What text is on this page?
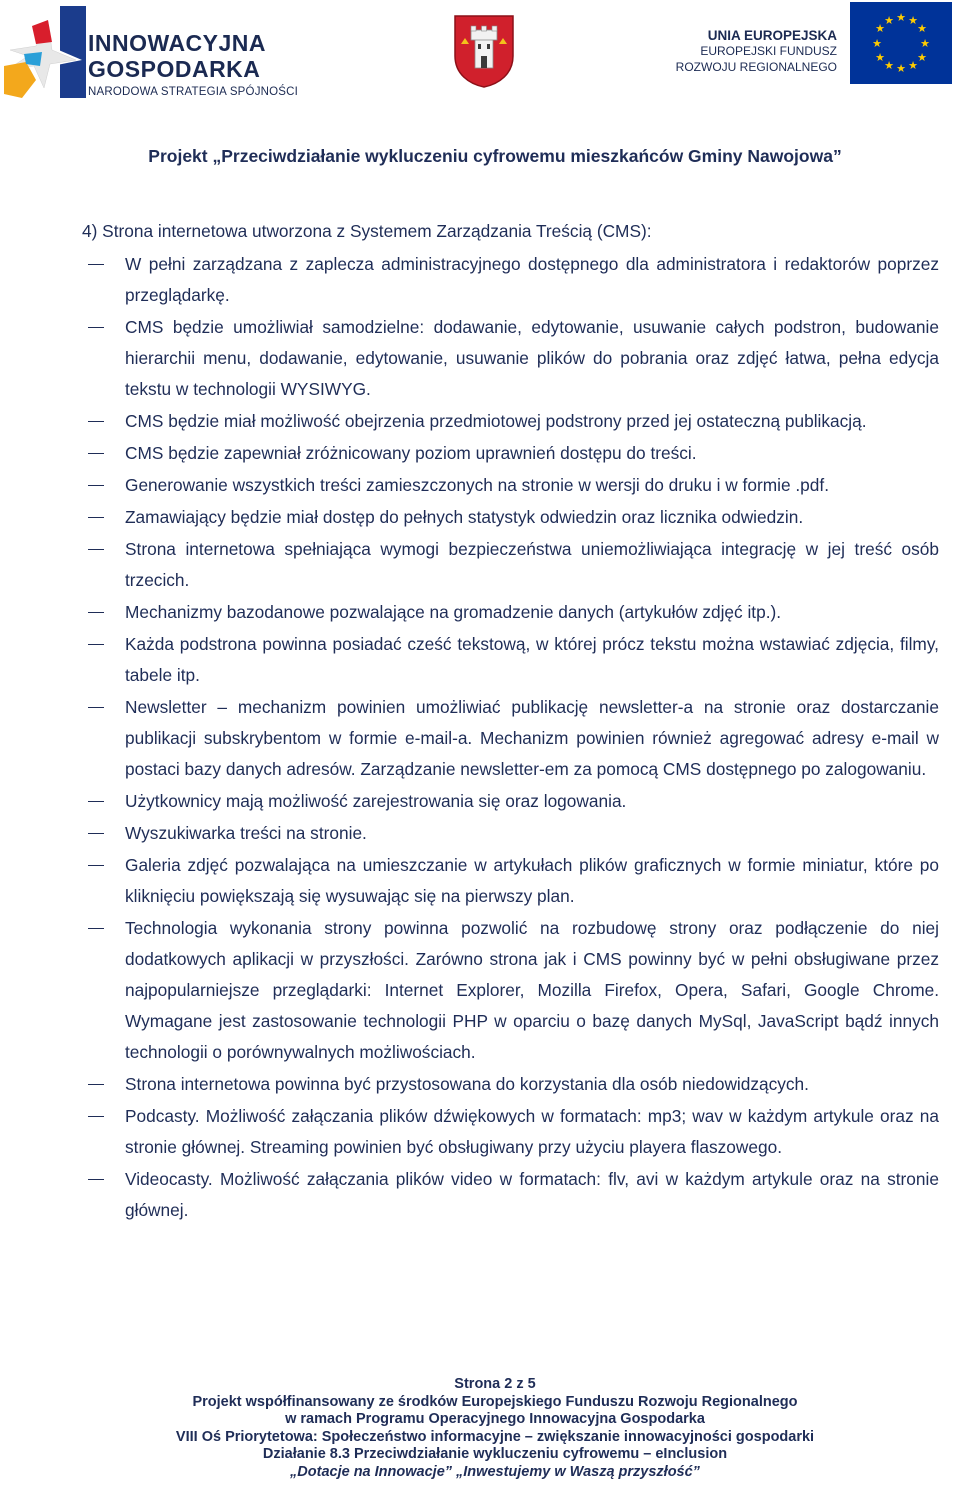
INNOWACYJNA
GOSPODARKA
NARODOWA STRATEGIA SPÓJNOŚCI
UNIA EUROPEJSKA
EUROPEJSKI FUNDUSZ
ROZWOJU REGIONALNEGO
★ ★
★
★
★
★
★
★
★
★
★
★
Projekt „Przeciwdziałanie wykluczeniu cyfrowemu mieszkańców Gminy Nawojowa”
4) Strona internetowa utworzona z Systemem Zarządzania Treścią (CMS):
W pełni zarządzana z zaplecza administracyjnego dostępnego dla administratora i redaktorów poprzez przeglądarkę.
CMS będzie umożliwiał samodzielne: dodawanie, edytowanie, usuwanie całych podstron, budowanie hierarchii menu, dodawanie, edytowanie, usuwanie plików do pobrania oraz zdjęć łatwa, pełna edycja tekstu w technologii WYSIWYG.
CMS będzie miał możliwość obejrzenia przedmiotowej podstrony przed jej ostateczną publikacją.
CMS będzie zapewniał zróżnicowany poziom uprawnień dostępu do treści.
Generowanie wszystkich treści zamieszczonych na stronie w wersji do druku i w formie .pdf.
Zamawiający będzie miał dostęp do pełnych statystyk odwiedzin oraz licznika odwiedzin.
Strona internetowa spełniająca wymogi bezpieczeństwa uniemożliwiająca integrację w jej treść osób trzecich.
Mechanizmy bazodanowe pozwalające na gromadzenie danych (artykułów zdjęć itp.).
Każda podstrona powinna posiadać cześć tekstową, w której prócz tekstu można wstawiać zdjęcia, filmy, tabele itp.
Newsletter – mechanizm powinien umożliwiać publikację newsletter-a na stronie oraz dostarczanie publikacji subskrybentom w formie e-mail-a. Mechanizm powinien również agregować adresy e-mail w postaci bazy danych adresów. Zarządzanie newsletter-em za pomocą CMS dostępnego po zalogowaniu.
Użytkownicy mają możliwość zarejestrowania się oraz logowania.
Wyszukiwarka treści na stronie.
Galeria zdjęć pozwalająca na umieszczanie w artykułach plików graficznych w formie miniatur, które po kliknięciu powiększają się wysuwając się na pierwszy plan.
Technologia wykonania strony powinna pozwolić na rozbudowę strony oraz podłączenie do niej dodatkowych aplikacji w przyszłości. Zarówno strona jak i CMS powinny być w pełni obsługiwane przez najpopularniejsze przeglądarki: Internet Explorer, Mozilla Firefox, Opera, Safari, Google Chrome. Wymagane jest zastosowanie technologii PHP w oparciu o bazę danych MySql, JavaScript bądź innych technologii o porównywalnych możliwościach.
Strona internetowa powinna być przystosowana do korzystania dla osób niedowidzących.
Podcasty. Możliwość załączania plików dźwiękowych w formatach: mp3; wav w każdym artykule oraz na stronie głównej. Streaming powinien być obsługiwany przy użyciu playera flaszowego.
Videocasty. Możliwość załączania plików video w formatach: flv, avi w każdym artykule oraz na stronie głównej.
Strona 2 z 5
Projekt współfinansowany ze środków Europejskiego Funduszu Rozwoju Regionalnego
w ramach Programu Operacyjnego Innowacyjna Gospodarka
VIII Oś Priorytetowa: Społeczeństwo informacyjne – zwiększanie innowacyjności gospodarki
Działanie 8.3 Przeciwdziałanie wykluczeniu cyfrowemu – eInclusion
„Dotacje na Innowacje” „Inwestujemy w Waszą przyszłość”
